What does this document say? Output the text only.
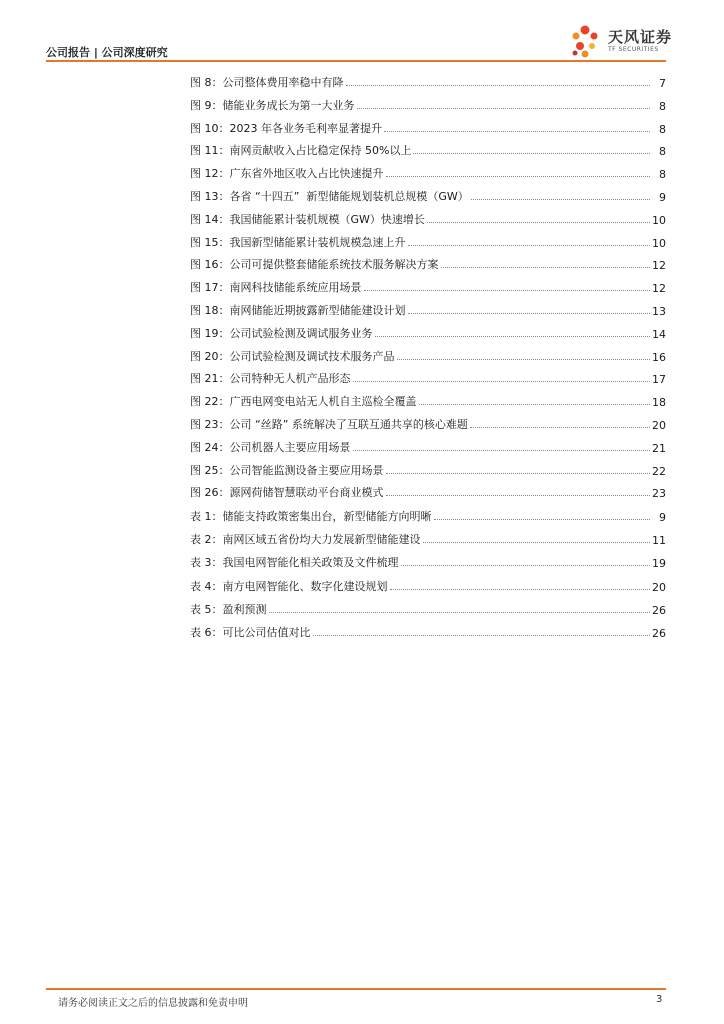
公司报告 | 公司深度研究
天风证券
TF SECURITIES
图 8：公司整体费用率稳中有降	7
图 9：储能业务成长为第一大业务	8
图 10：2023 年各业务毛利率显著提升	8
图 11：南网贡献收入占比稳定保持 50%以上	8
图 12：广东省外地区收入占比快速提升	8
图 13：各省 “十四五”  新型储能规划装机总规模（GW）	9
图 14：我国储能累计装机规模（GW）快速增长	10
图 15：我国新型储能累计装机规模急速上升	10
图 16：公司可提供整套储能系统技术服务解决方案	12
图 17：南网科技储能系统应用场景	12
图 18：南网储能近期披露新型储能建设计划	13
图 19：公司试验检测及调试服务业务	14
图 20：公司试验检测及调试技术服务产品	16
图 21：公司特种无人机产品形态	17
图 22：广西电网变电站无人机自主巡检全覆盖	18
图 23：公司 “丝路” 系统解决了互联互通共享的核心难题	20
图 24：公司机器人主要应用场景	21
图 25：公司智能监测设备主要应用场景	22
图 26：源网荷储智慧联动平台商业模式	23
表 1：储能支持政策密集出台，新型储能方向明晰	9
表 2：南网区域五省份均大力发展新型储能建设	11
表 3：我国电网智能化相关政策及文件梳理	19
表 4：南方电网智能化、数字化建设规划	20
表 5：盈利预测	26
表 6：可比公司估值对比	26
请务必阅读正文之后的信息披露和免责申明	3
